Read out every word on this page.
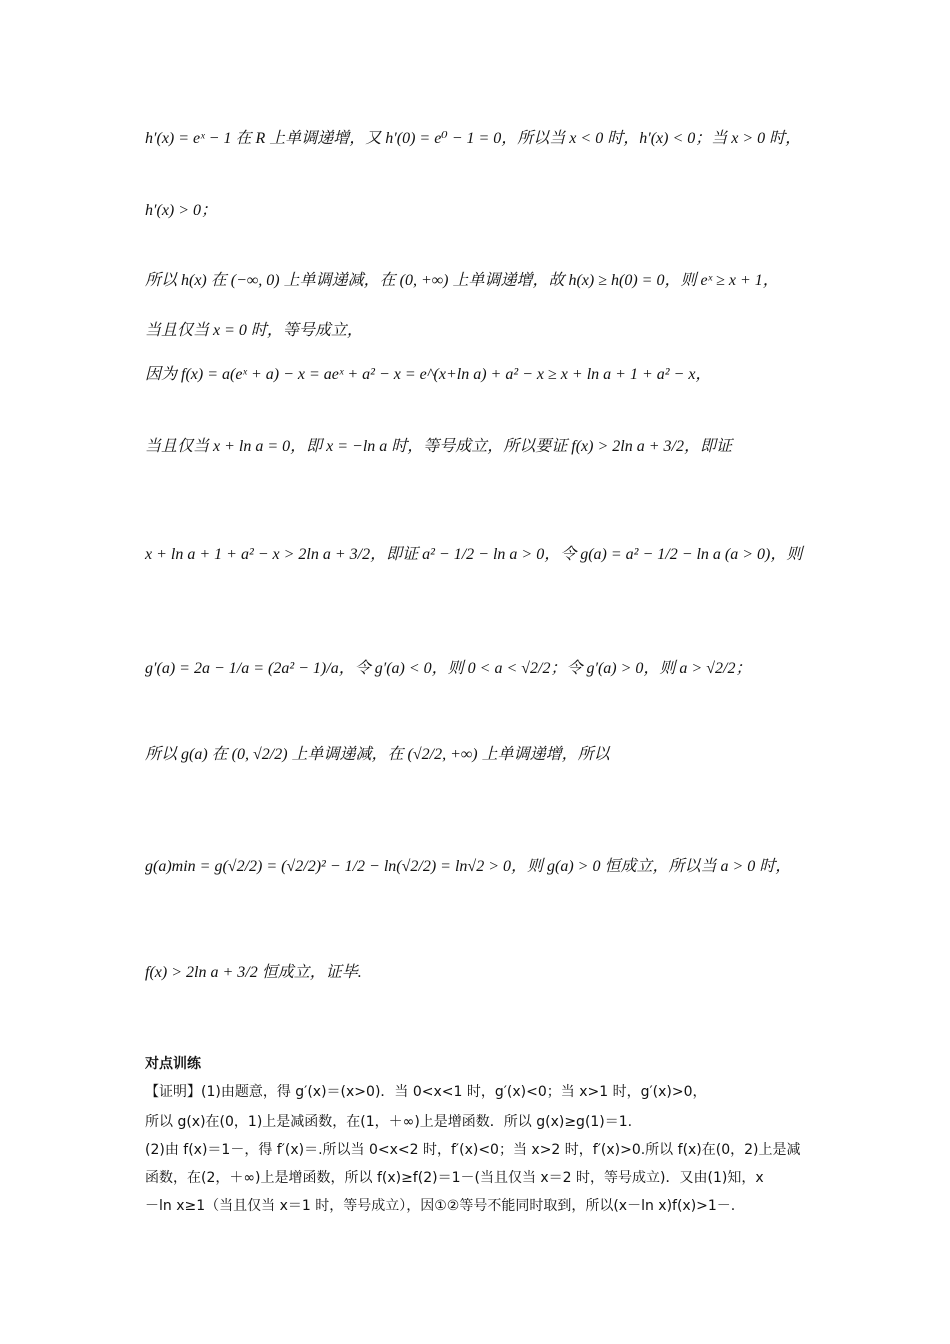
h′(x) = eˣ − 1 在 R 上单调递增，又 h′(0) = e⁰ − 1 = 0，所以当 x < 0 时，h′(x) < 0；当 x > 0 时，
h′(x) > 0；
所以 h(x) 在 (−∞, 0) 上单调递减，在 (0, +∞) 上单调递增，故 h(x) ≥ h(0) = 0，则 eˣ ≥ x + 1，
当且仅当 x = 0 时，等号成立，
因为 f(x) = a(eˣ + a) − x = aeˣ + a² − x = e^(x+ln a) + a² − x ≥ x + ln a + 1 + a² − x，
当且仅当 x + ln a = 0，即 x = −ln a 时，等号成立，所以要证 f(x) > 2ln a + 3/2，即证
x + ln a + 1 + a² − x > 2ln a + 3/2，即证 a² − 1/2 − ln a > 0，令 g(a) = a² − 1/2 − ln a (a > 0)，则
g′(a) = 2a − 1/a = (2a² − 1)/a，令 g′(a) < 0，则 0 < a < √2/2；令 g′(a) > 0，则 a > √2/2；
所以 g(a) 在 (0, √2/2) 上单调递减，在 (√2/2, +∞) 上单调递增，所以
g(a)min = g(√2/2) = (√2/2)² − 1/2 − ln(√2/2) = ln√2 > 0，则 g(a) > 0 恒成立，所以当 a > 0 时，
f(x) > 2ln a + 3/2 恒成立，证毕.
对点训练
【证明】(1)由题意，得 g′(x)＝(x>0)．当 0<x<1 时，g′(x)<0；当 x>1 时，g′(x)>0，
所以 g(x)在(0，1)上是减函数，在(1，＋∞)上是增函数．所以 g(x)≥g(1)＝1.
(2)由 f(x)＝1－，得 f′(x)＝.所以当 0<x<2 时，f′(x)<0；当 x>2 时，f′(x)>0.所以 f(x)在(0，2)上是减
函数，在(2，＋∞)上是增函数，所以 f(x)≥f(2)＝1－(当且仅当 x＝2 时，等号成立)．又由(1)知，x
－ln x≥1（当且仅当 x＝1 时，等号成立），因①②等号不能同时取到，所以(x－ln x)f(x)>1－.
